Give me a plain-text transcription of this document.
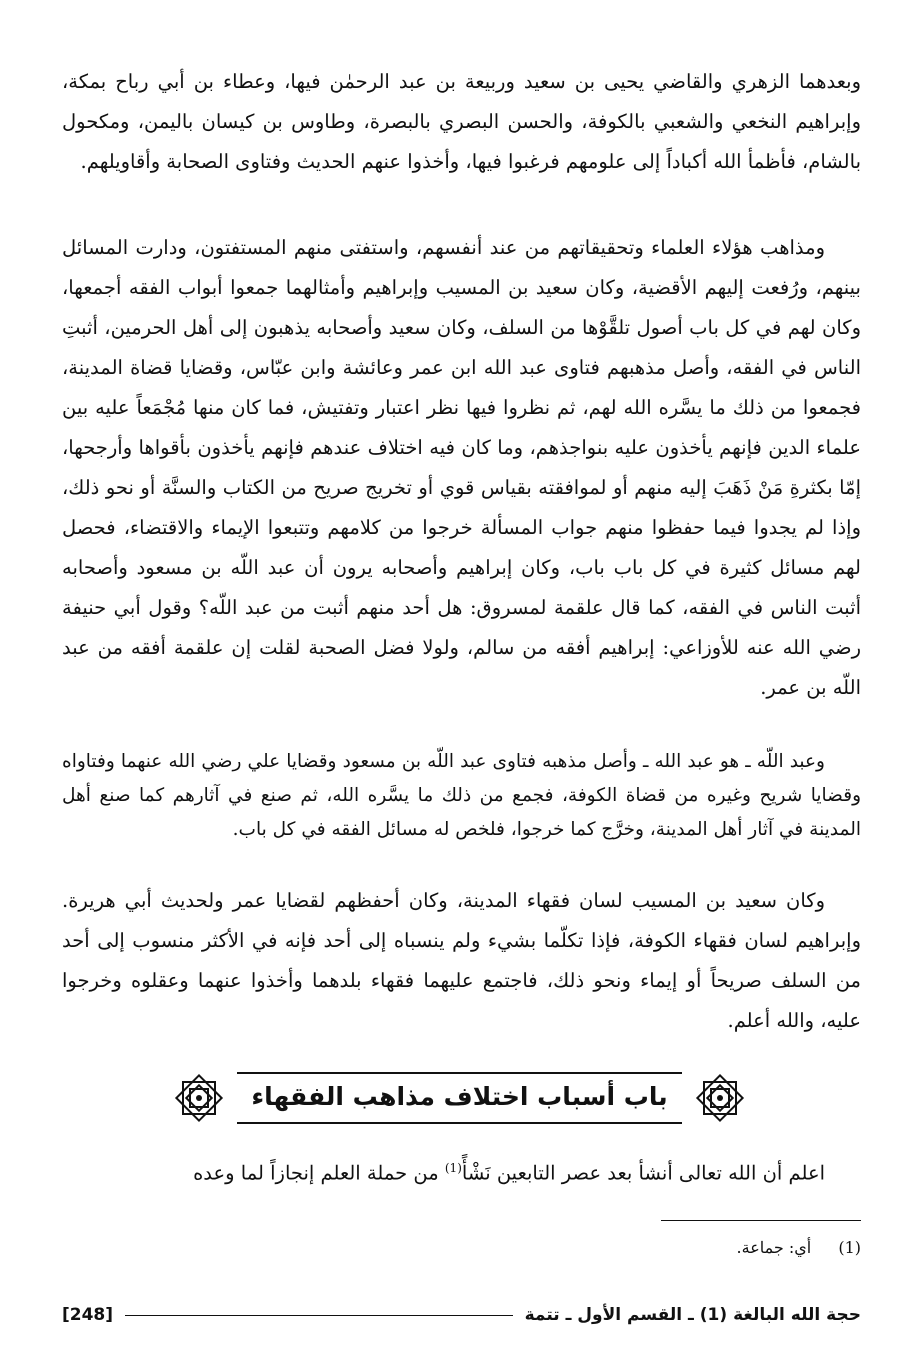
وبعدهما الزهري والقاضي يحيى بن سعيد وربيعة بن عبد الرحمٰن فيها، وعطاء بن أبي رباح بمكة، وإبراهيم النخعي والشعبي بالكوفة، والحسن البصري بالبصرة، وطاوس بن كيسان باليمن، ومكحول بالشام، فأظمأ الله أكباداً إلى علومهم فرغبوا فيها، وأخذوا عنهم الحديث وفتاوى الصحابة وأقاويلهم.

ومذاهب هؤلاء العلماء وتحقيقاتهم من عند أنفسهم، واستفتى منهم المستفتون، ودارت المسائل بينهم، ورُفعت إليهم الأقضية، وكان سعيد بن المسيب وإبراهيم وأمثالهما جمعوا أبواب الفقه أجمعها، وكان لهم في كل باب أصول تلقَّوْها من السلف، وكان سعيد وأصحابه يذهبون إلى أهل الحرمين، أثبتِ الناس في الفقه، وأصل مذهبهم فتاوى عبد الله ابن عمر وعائشة وابن عبّاس، وقضايا قضاة المدينة، فجمعوا من ذلك ما يسَّره الله لهم، ثم نظروا فيها نظر اعتبار وتفتيش، فما كان منها مُجْمَعاً عليه بين علماء الدين فإنهم يأخذون عليه بنواجذهم، وما كان فيه اختلاف عندهم فإنهم يأخذون بأقواها وأرجحها، إمّا بكثرةِ مَنْ ذَهَبَ إليه منهم أو لموافقته بقياس قوي أو تخريج صريح من الكتاب والسنَّة أو نحو ذلك، وإذا لم يجدوا فيما حفظوا منهم جواب المسألة خرجوا من كلامهم وتتبعوا الإيماء والاقتضاء، فحصل لهم مسائل كثيرة في كل باب باب، وكان إبراهيم وأصحابه يرون أن عبد اللّه بن مسعود وأصحابه أثبت الناس في الفقه، كما قال علقمة لمسروق: هل أحد منهم أثبت من عبد اللّه؟ وقول أبي حنيفة رضي الله عنه للأوزاعي: إبراهيم أفقه من سالم، ولولا فضل الصحبة لقلت إن علقمة أفقه من عبد اللّه بن عمر.

وعبد اللّه ـ هو عبد الله ـ وأصل مذهبه فتاوى عبد اللّه بن مسعود وقضايا علي رضي الله عنهما وفتاواه وقضايا شريح وغيره من قضاة الكوفة، فجمع من ذلك ما يسَّره الله، ثم صنع في آثارهم كما صنع أهل المدينة في آثار أهل المدينة، وخرَّج كما خرجوا، فلخص له مسائل الفقه في كل باب.

وكان سعيد بن المسيب لسان فقهاء المدينة، وكان أحفظهم لقضايا عمر ولحديث أبي هريرة. وإبراهيم لسان فقهاء الكوفة، فإذا تكلّما بشيء ولم ينسباه إلى أحد فإنه في الأكثر منسوب إلى أحد من السلف صريحاً أو إيماء ونحو ذلك، فاجتمع عليهما فقهاء بلدهما وأخذوا عنهما وعقلوه وخرجوا عليه، والله أعلم.

باب أسباب اختلاف مذاهب الفقهاء

اعلم أن الله تعالى أنشأ بعد عصر التابعين نَشْأً$^{(1)}$ من حملة العلم إنجازاً لما وعده

(1) أي: جماعة.
حجة الله البالغة (1) ـ القسم الأول ـ تتمة
[248]
